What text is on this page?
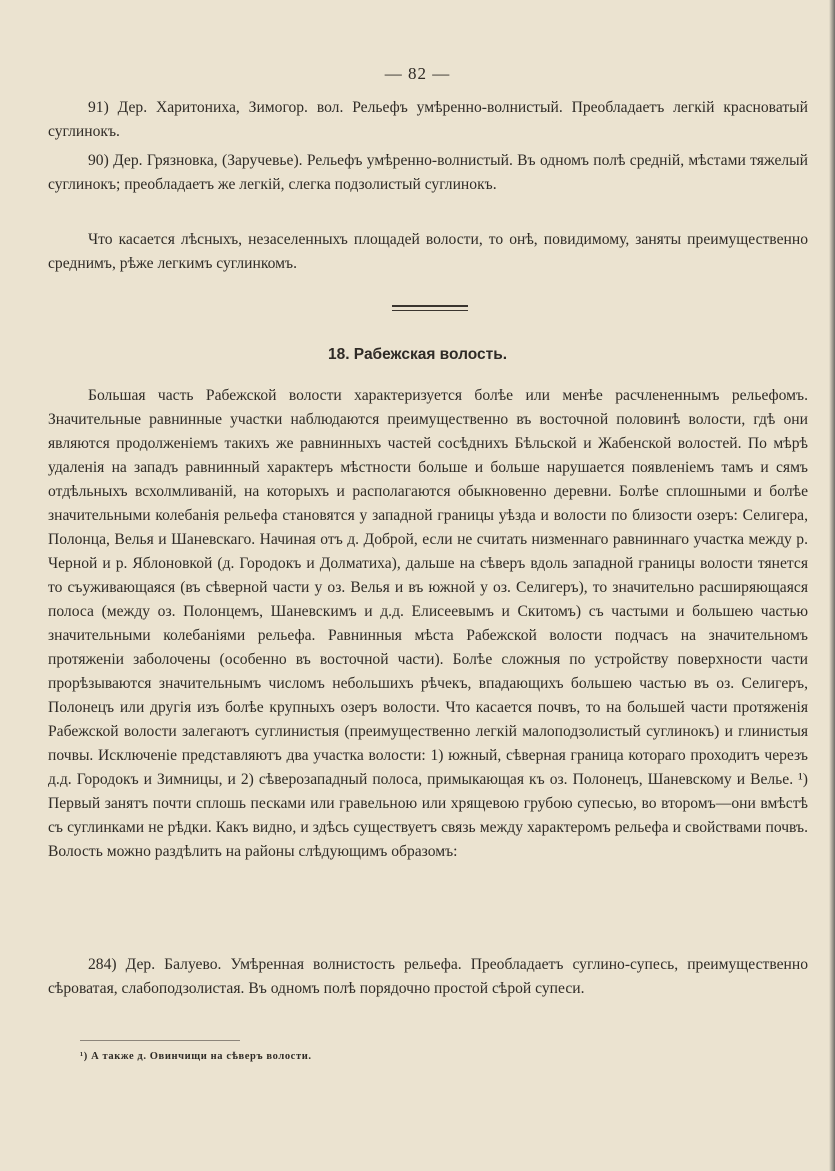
— 82 —

91) Дер. Харитониха, Зимогор. вол. Рельефъ умѣренно-волнистый. Преобладаетъ легкій красноватый суглинокъ.

90) Дер. Грязновка, (Заручевье). Рельефъ умѣренно-волнистый. Въ одномъ полѣ средній, мѣстами тяжелый суглинокъ; преобладаетъ же легкій, слегка подзолистый суглинокъ.

Что касается лѣсныхъ, незаселенныхъ площадей волости, то онѣ, повидимому, заняты преимущественно среднимъ, рѣже легкимъ суглинкомъ.

18. Рабежская волость.

Большая часть Рабежской волости характеризуется болѣе или менѣе расчлененнымъ рельефомъ. Значительные равнинные участки наблюдаются преимущественно въ восточной половинѣ волости, гдѣ они являются продолженіемъ такихъ же равнинныхъ частей сосѣднихъ Бѣльской и Жабенской волостей. По мѣрѣ удаленія на западъ равнинный характеръ мѣстности больше и больше нарушается появленіемъ тамъ и сямъ отдѣльныхъ всхолмливаній, на которыхъ и располагаются обыкновенно деревни. Болѣе сплошными и болѣе значительными колебанія рельефа становятся у западной границы уѣзда и волости по близости озеръ: Селигера, Полонца, Велья и Шаневскаго. Начиная отъ д. Доброй, если не считать низменнаго равниннаго участка между р. Черной и р. Яблоновкой (д. Городокъ и Долматиха), дальше на сѣверъ вдоль западной границы волости тянется то съуживающаяся (въ сѣверной части у оз. Велья и въ южной у оз. Селигеръ), то значительно расширяющаяся полоса (между оз. Полонцемъ, Шаневскимъ и д.д. Елисеевымъ и Скитомъ) съ частыми и большею частью значительными колебаніями рельефа. Равнинныя мѣста Рабежской волости подчасъ на значительномъ протяженіи заболочены (особенно въ восточной части). Болѣе сложныя по устройству поверхности части прорѣзываются значительнымъ числомъ небольшихъ рѣчекъ, впадающихъ большею частью въ оз. Селигеръ, Полонецъ или другія изъ болѣе крупныхъ озеръ волости. Что касается почвъ, то на большей части протяженія Рабежской волости залегаютъ суглинистыя (преимущественно легкій малоподзолистый суглинокъ) и глинистыя почвы. Исключеніе представляютъ два участка волости: 1) южный, сѣверная граница котораго проходитъ черезъ д.д. Городокъ и Зимницы, и 2) сѣверозападный полоса, примыкающая къ оз. Полонецъ, Шаневскому и Велье. ¹) Первый занятъ почти сплошь песками или гравельною или хрящевою грубою супесью, во второмъ—они вмѣстѣ съ суглинками не рѣдки. Какъ видно, и здѣсь существуетъ связь между характеромъ рельефа и свойствами почвъ. Волость можно раздѣлить на районы слѣдующимъ образомъ:

284) Дер. Балуево. Умѣренная волнистость рельефа. Преобладаетъ суглино-супесь, преимущественно сѣроватая, слабоподзолистая. Въ одномъ полѣ порядочно простой сѣрой супеси.

¹) А также д. Овинчищи на сѣверъ волости.
